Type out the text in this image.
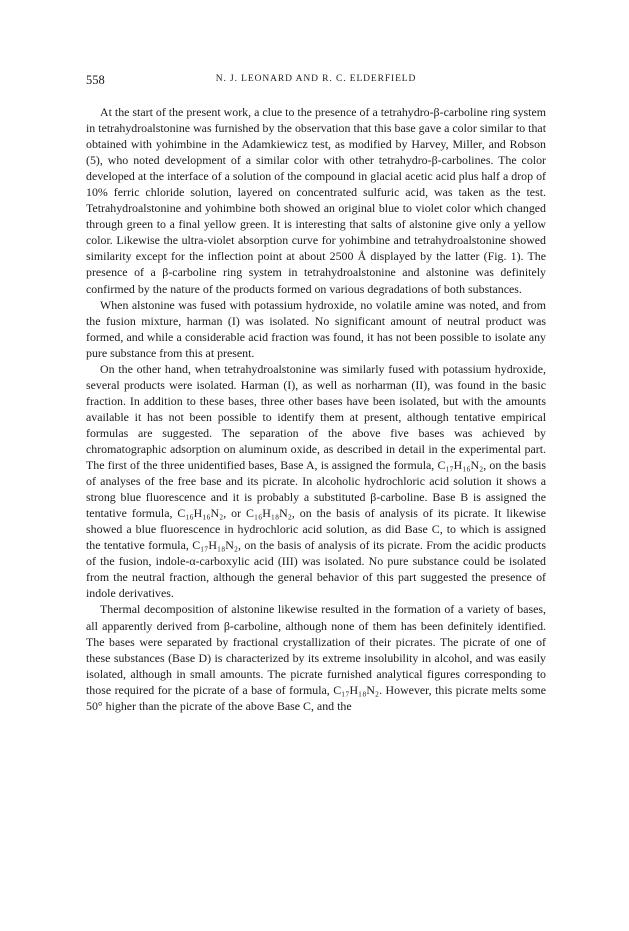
558	N. J. LEONARD AND R. C. ELDERFIELD

At the start of the present work, a clue to the presence of a tetrahydro-β-carboline ring system in tetrahydroalstonine was furnished by the observation that this base gave a color similar to that obtained with yohimbine in the Adamkiewicz test, as modified by Harvey, Miller, and Robson (5), who noted development of a similar color with other tetrahydro-β-carbolines. The color developed at the interface of a solution of the compound in glacial acetic acid plus half a drop of 10% ferric chloride solution, layered on concentrated sulfuric acid, was taken as the test. Tetrahydroalstonine and yohimbine both showed an original blue to violet color which changed through green to a final yellow green. It is interesting that salts of alstonine give only a yellow color. Likewise the ultra-violet absorption curve for yohimbine and tetrahydroalstonine showed similarity except for the inflection point at about 2500 Å displayed by the latter (Fig. 1). The presence of a β-carboline ring system in tetrahydroalstonine and alstonine was definitely confirmed by the nature of the products formed on various degradations of both substances.

When alstonine was fused with potassium hydroxide, no volatile amine was noted, and from the fusion mixture, harman (I) was isolated. No significant amount of neutral product was formed, and while a considerable acid fraction was found, it has not been possible to isolate any pure substance from this at present.

On the other hand, when tetrahydroalstonine was similarly fused with potassium hydroxide, several products were isolated. Harman (I), as well as norharman (II), was found in the basic fraction. In addition to these bases, three other bases have been isolated, but with the amounts available it has not been possible to identify them at present, although tentative empirical formulas are suggested. The separation of the above five bases was achieved by chromatographic adsorption on aluminum oxide, as described in detail in the experimental part. The first of the three unidentified bases, Base A, is assigned the formula, C₁₇H₁₆N₂, on the basis of analyses of the free base and its picrate. In alcoholic hydrochloric acid solution it shows a strong blue fluorescence and it is probably a substituted β-carboline. Base B is assigned the tentative formula, C₁₆H₁₆N₂, or C₁₆H₁₈N₂, on the basis of analysis of its picrate. It likewise showed a blue fluorescence in hydrochloric acid solution, as did Base C, to which is assigned the tentative formula, C₁₇H₁₈N₂, on the basis of analysis of its picrate. From the acidic products of the fusion, indole-α-carboxylic acid (III) was isolated. No pure substance could be isolated from the neutral fraction, although the general behavior of this part suggested the presence of indole derivatives.

Thermal decomposition of alstonine likewise resulted in the formation of a variety of bases, all apparently derived from β-carboline, although none of them has been definitely identified. The bases were separated by fractional crystallization of their picrates. The picrate of one of these substances (Base D) is characterized by its extreme insolubility in alcohol, and was easily isolated, although in small amounts. The picrate furnished analytical figures corresponding to those required for the picrate of a base of formula, C₁₇H₁₈N₂. However, this picrate melts some 50° higher than the picrate of the above Base C, and the
